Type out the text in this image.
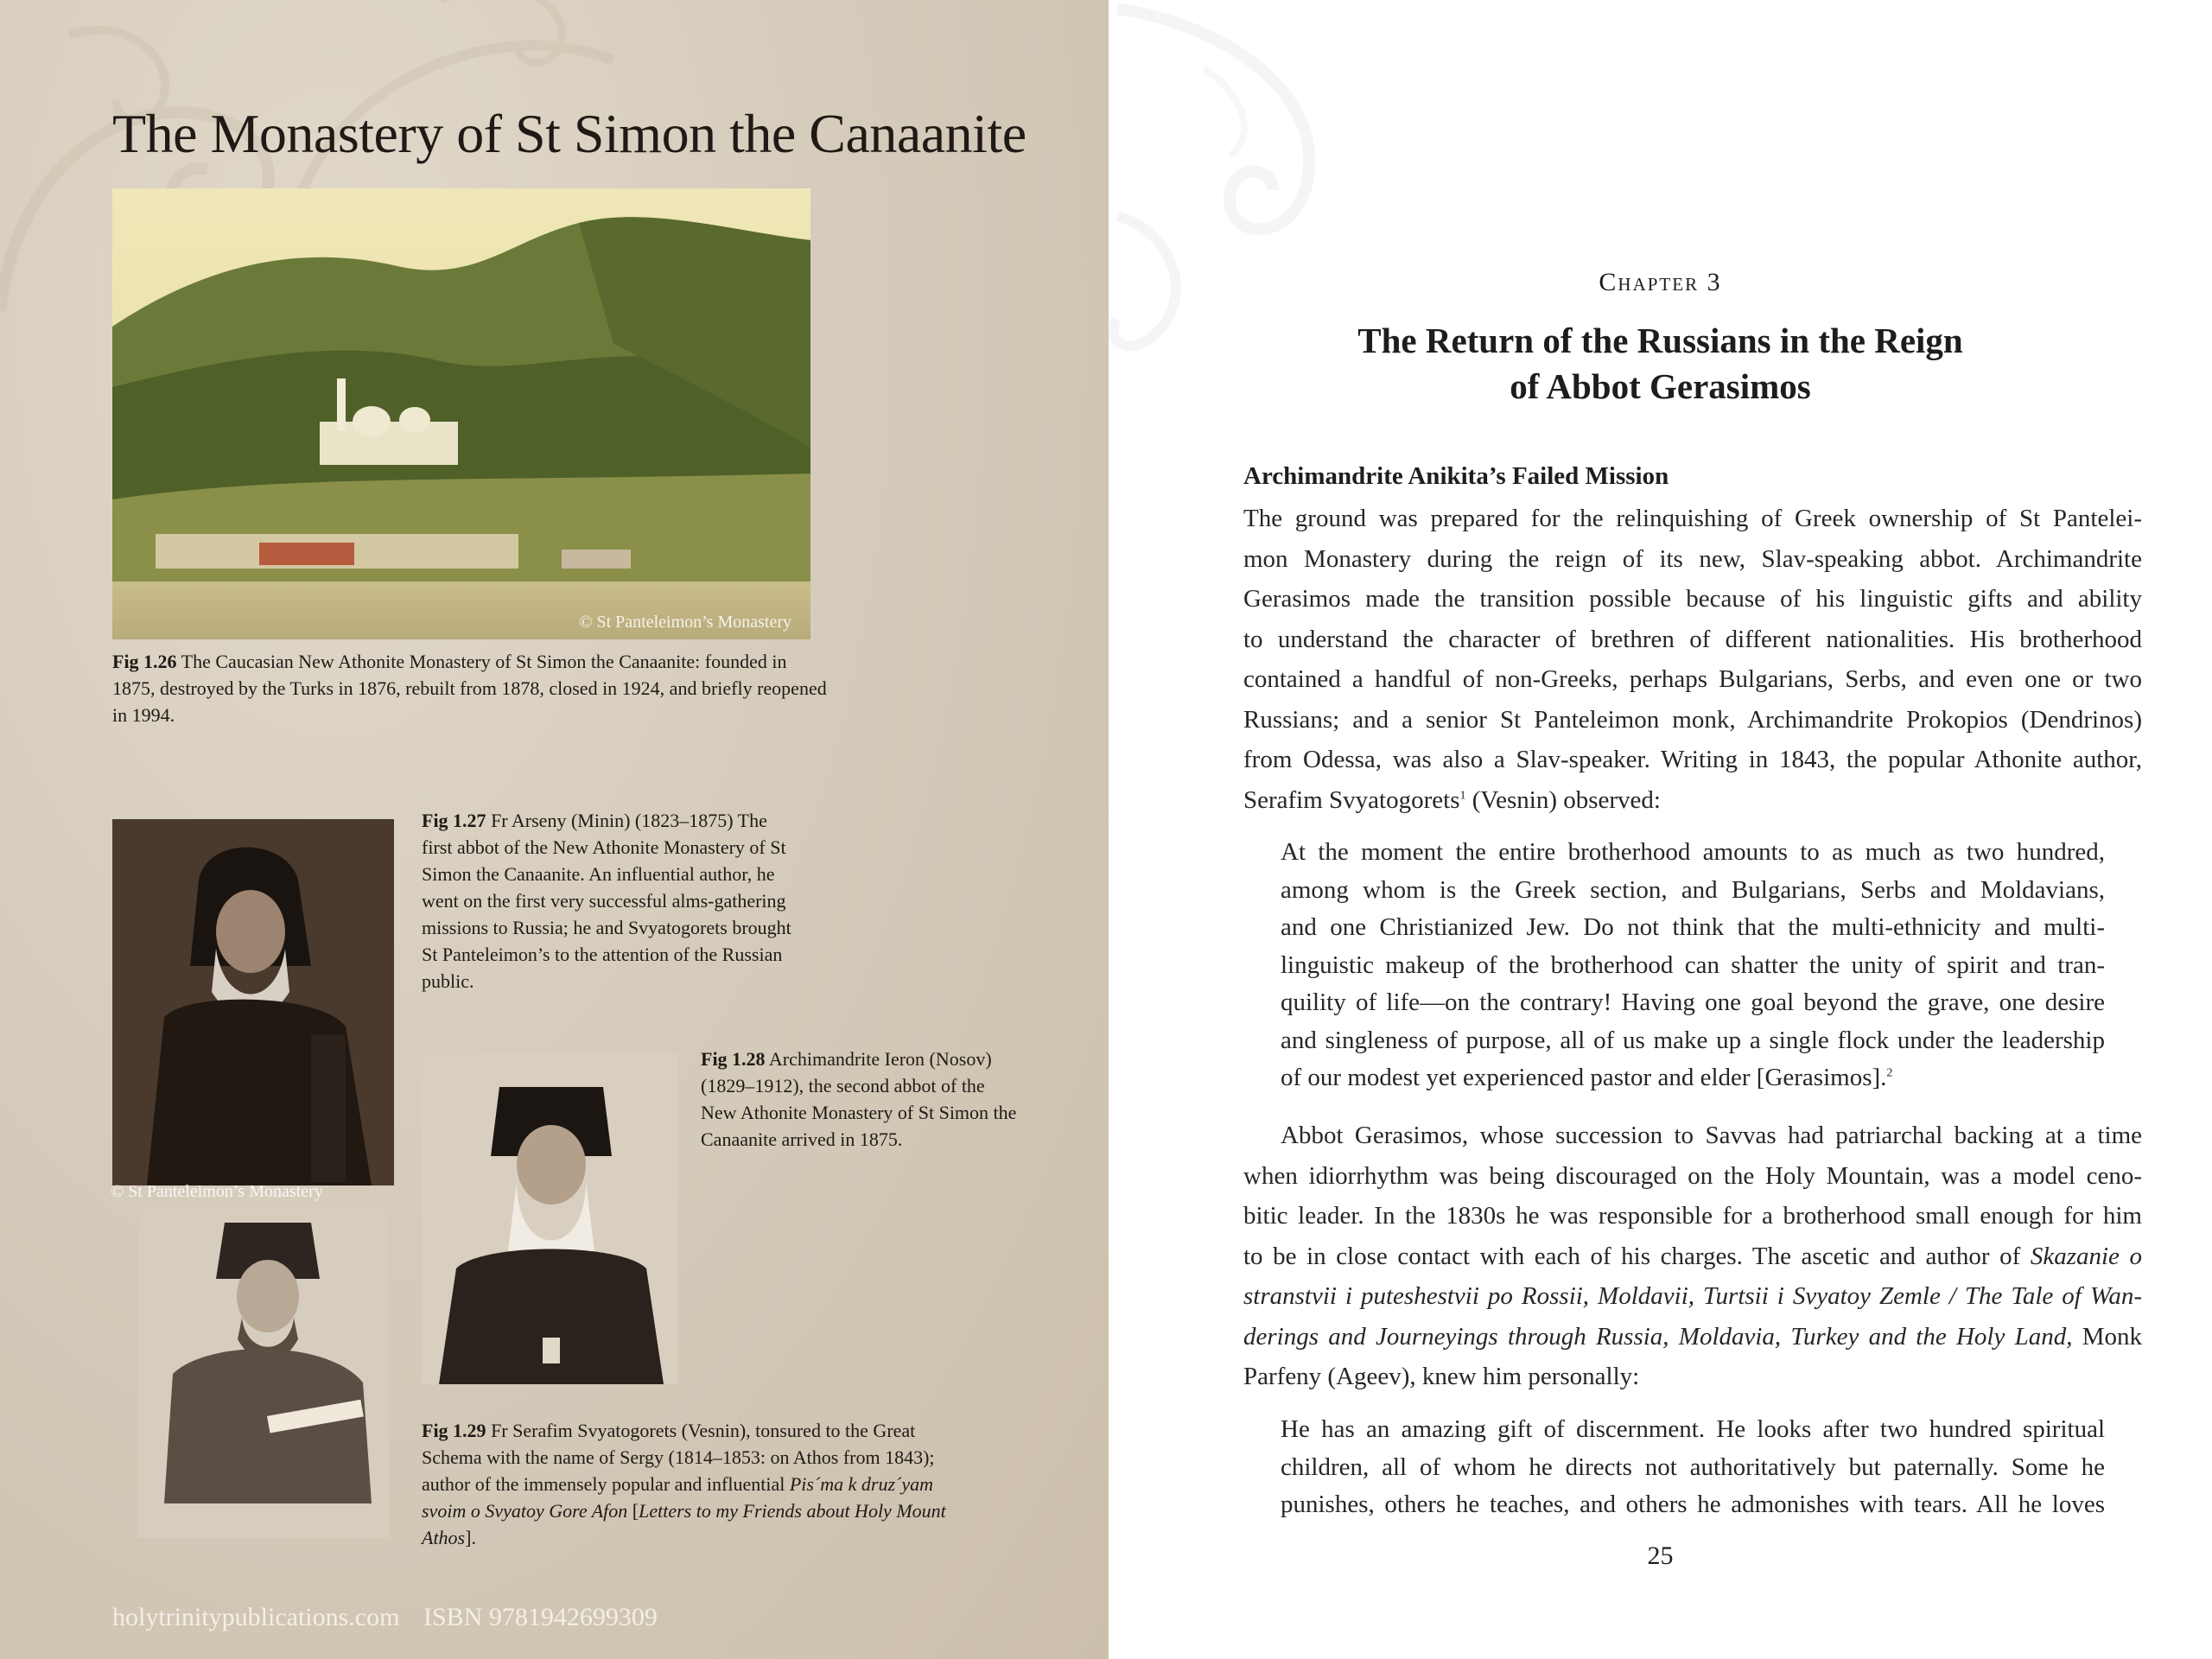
The Monastery of St Simon the Canaanite
© St Panteleimon’s Monastery
Fig 1.26 The Caucasian New Athonite Monastery of St Simon the Canaanite: founded in 1875, destroyed by the Turks in 1876, rebuilt from 1878, closed in 1924, and briefly reopened in 1994.
© St Panteleimon’s Monastery
Fig 1.27 Fr Arseny (Minin) (1823–1875) The first abbot of the New Athonite Monastery of St Simon the Canaanite. An influential author, he went on the first very successful alms-gathering missions to Russia; he and Svyatogorets brought St Panteleimon’s to the attention of the Russian public.
Fig 1.28 Archimandrite Ieron (Nosov) (1829–1912), the second abbot of the New Athonite Monastery of St Simon the Canaanite arrived in 1875.
Fig 1.29 Fr Serafim Svyatogorets (Vesnin), tonsured to the Great Schema with the name of Sergy (1814–1853: on Athos from 1843); author of the immensely popular and influential Pis´ma k druz´yam svoim o Svyatoy Gore Afon [Letters to my Friends about Holy Mount Athos].
holytrinitypublications.com ISBN 9781942699309
Chapter 3
The Return of the Russians in the Reign
of Abbot Gerasimos
Archimandrite Anikita’s Failed Mission
The ground was prepared for the relinquishing of Greek ownership of St Pantelei-
mon Monastery during the reign of its new, Slav-speaking abbot. Archimandrite
Gerasimos made the transition possible because of his linguistic gifts and ability
to understand the character of brethren of different nationalities. His brotherhood
contained a handful of non-Greeks, perhaps Bulgarians, Serbs, and even one or two
Russians; and a senior St Panteleimon monk, Archimandrite Prokopios (Dendrinos)
from Odessa, was also a Slav-speaker. Writing in 1843, the popular Athonite author,
Serafim Svyatogorets$^1$ (Vesnin) observed:
At the moment the entire brotherhood amounts to as much as two hundred,
among whom is the Greek section, and Bulgarians, Serbs and Moldavians,
and one Christianized Jew. Do not think that the multi-ethnicity and multi-
linguistic makeup of the brotherhood can shatter the unity of spirit and tran-
quility of life—on the contrary! Having one goal beyond the grave, one desire
and singleness of purpose, all of us make up a single flock under the leadership
of our modest yet experienced pastor and elder [Gerasimos].$^2$
Abbot Gerasimos, whose succession to Savvas had patriarchal backing at a time
when idiorrhythm was being discouraged on the Holy Mountain, was a model ceno-
bitic leader. In the 1830s he was responsible for a brotherhood small enough for him
to be in close contact with each of his charges. The ascetic and author of Skazanie o
stranstvii i puteshestvii po Rossii, Moldavii, Turtsii i Svyatoy Zemle / The Tale of Wan-
derings and Journeyings through Russia, Moldavia, Turkey and the Holy Land, Monk
Parfeny (Ageev), knew him personally:
He has an amazing gift of discernment. He looks after two hundred spiritual
children, all of whom he directs not authoritatively but paternally. Some he
punishes, others he teaches, and others he admonishes with tears. All he loves
25
